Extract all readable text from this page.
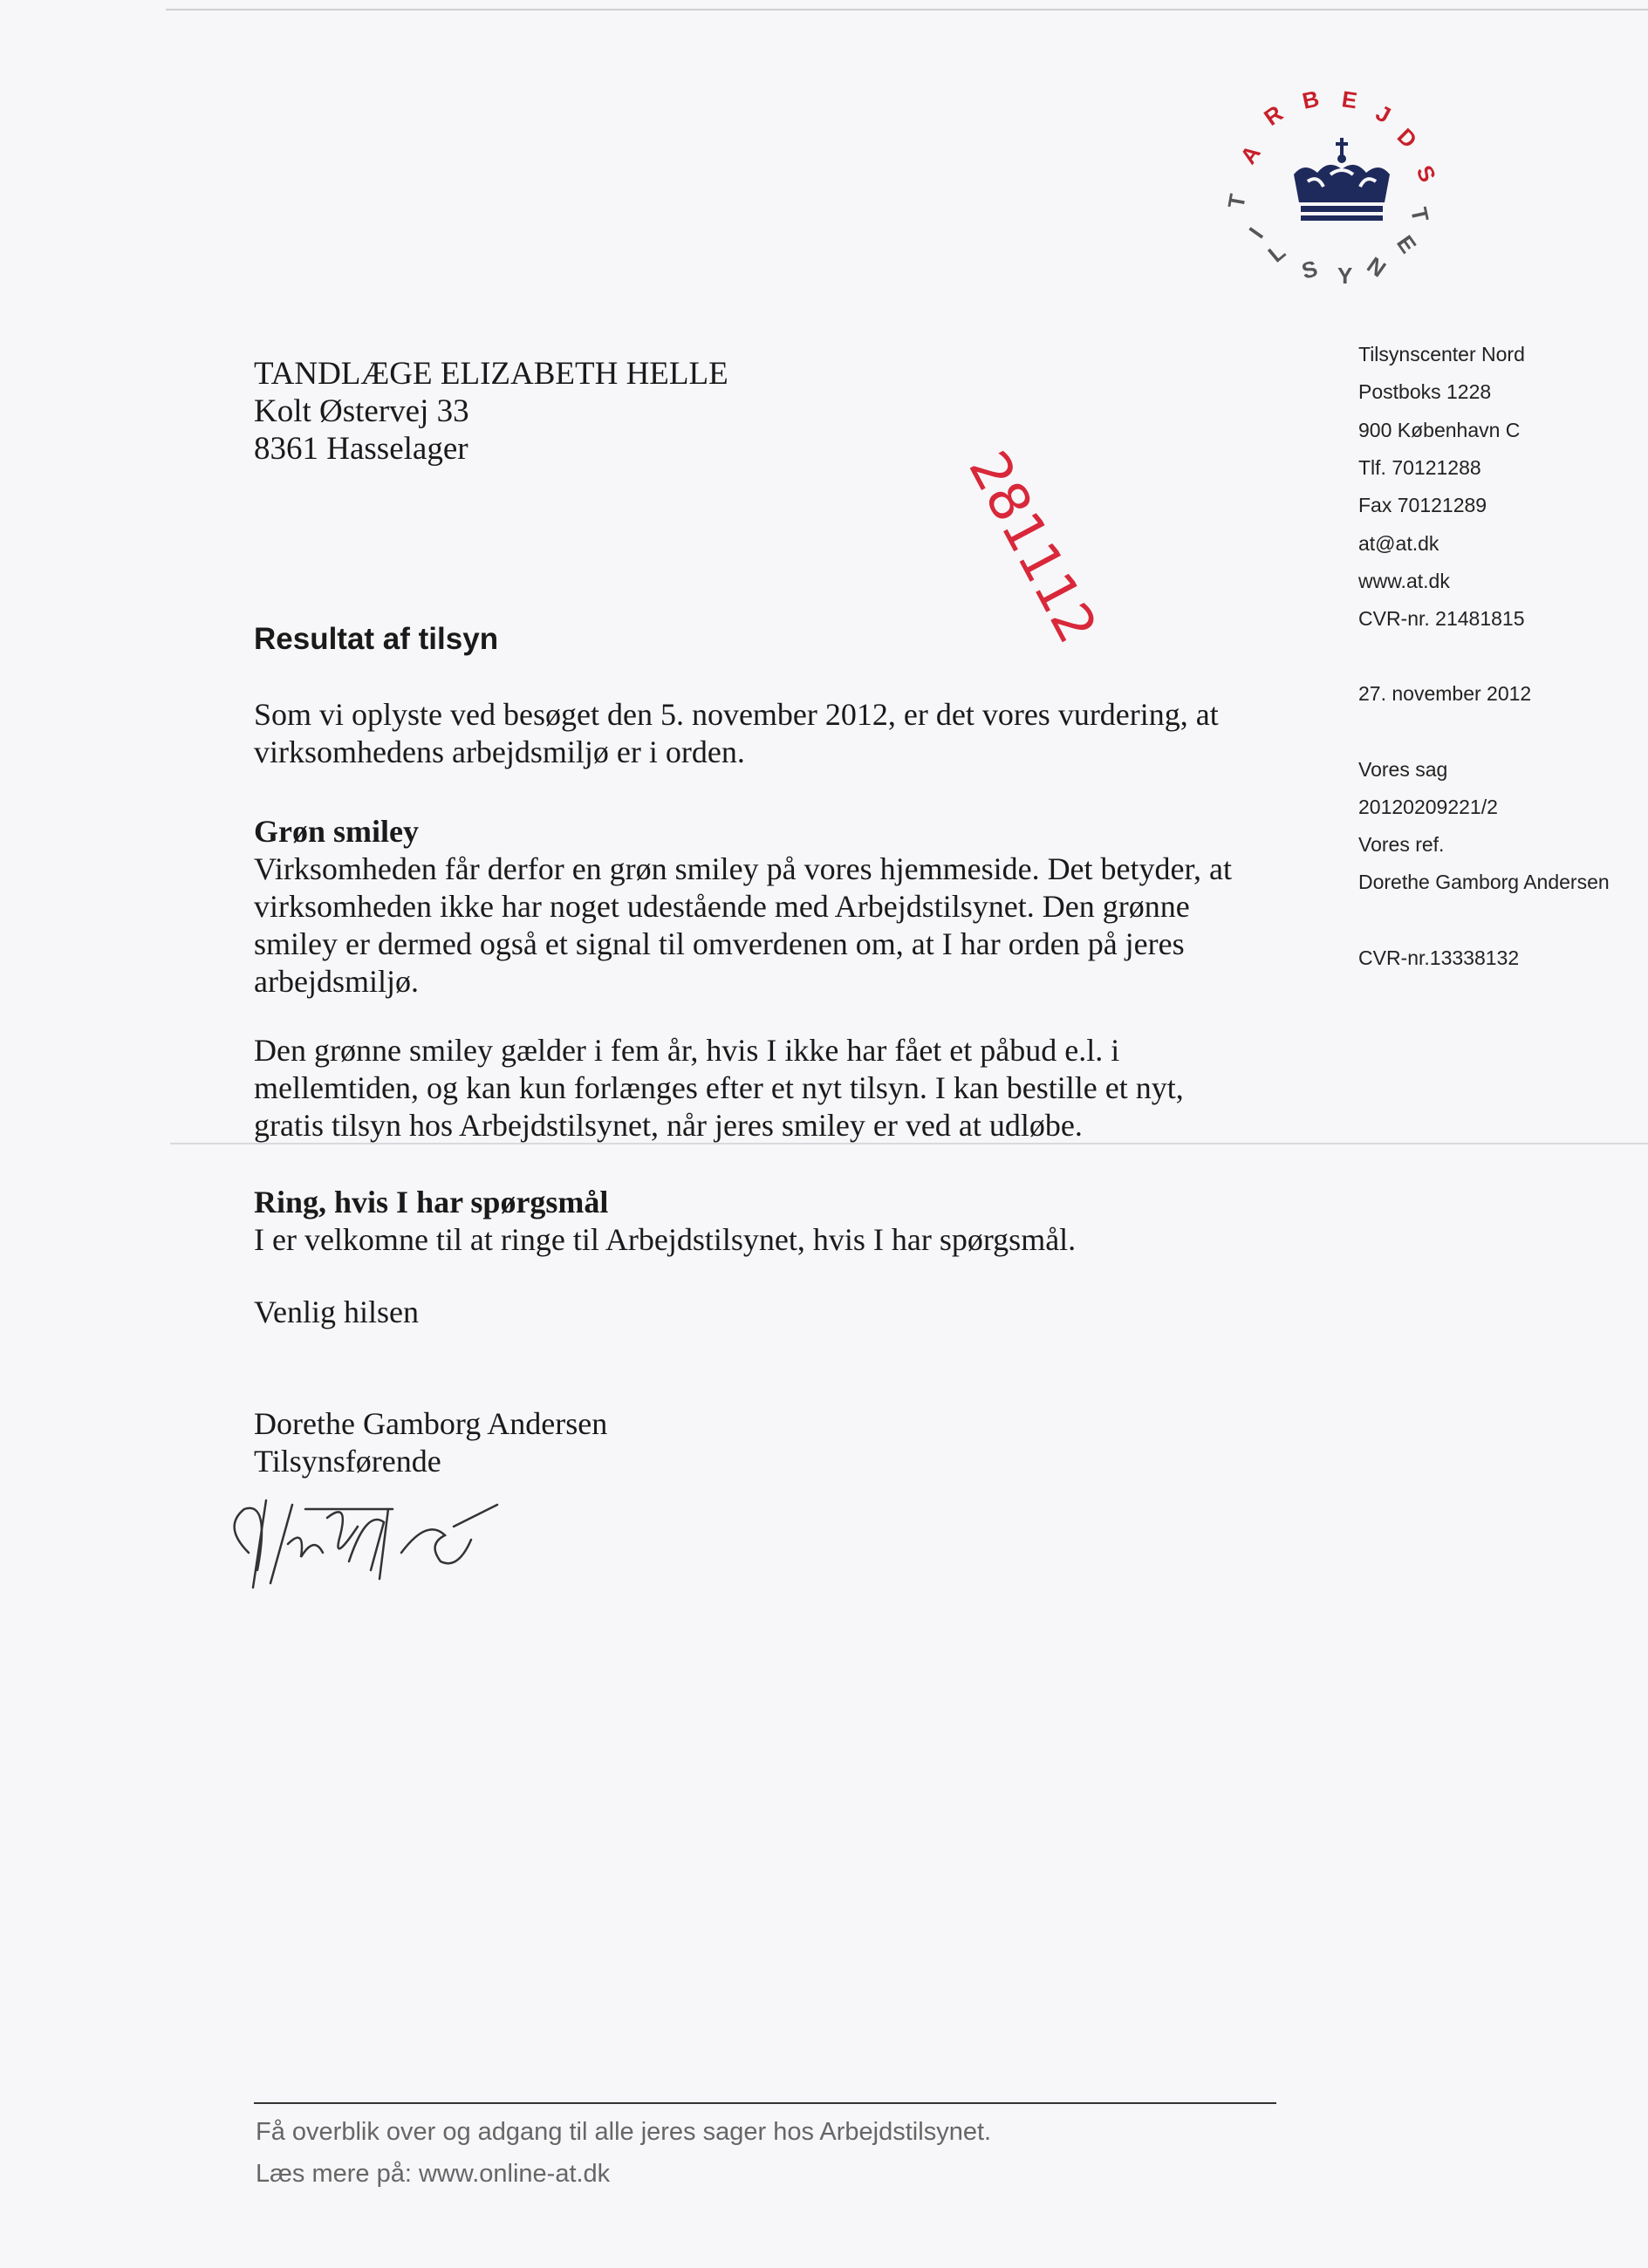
A
R
B E J
D
S
T
I
L
S Y N
E
T
TANDLÆGE ELIZABETH HELLE
Kolt Østervej 33
8361 Hasselager	281112
Tilsynscenter Nord
Postboks 1228
900 København C
Tlf. 70121288
Fax 70121289
at@at.dk
www.at.dk
CVR-nr. 21481815
27. november 2012
Vores sag
20120209221/2
Vores ref.
Dorethe Gamborg Andersen
CVR-nr.13338132
Resultat af tilsyn
Som vi oplyste ved besøget den 5. november 2012, er det vores vurdering, at
virksomhedens arbejdsmiljø er i orden.
Grøn smiley
Virksomheden får derfor en grøn smiley på vores hjemmeside. Det betyder, at
virksomheden ikke har noget udestående med Arbejdstilsynet. Den grønne
smiley er dermed også et signal til omverdenen om, at I har orden på jeres
arbejdsmiljø.
Den grønne smiley gælder i fem år, hvis I ikke har fået et påbud e.l. i
mellemtiden, og kan kun forlænges efter et nyt tilsyn. I kan bestille et nyt,
gratis tilsyn hos Arbejdstilsynet, når jeres smiley er ved at udløbe.
Ring, hvis I har spørgsmål
I er velkomne til at ringe til Arbejdstilsynet, hvis I har spørgsmål.
Venlig hilsen
Dorethe Gamborg Andersen
Tilsynsførende
Få overblik over og adgang til alle jeres sager hos Arbejdstilsynet.
Læs mere på: www.online-at.dk
